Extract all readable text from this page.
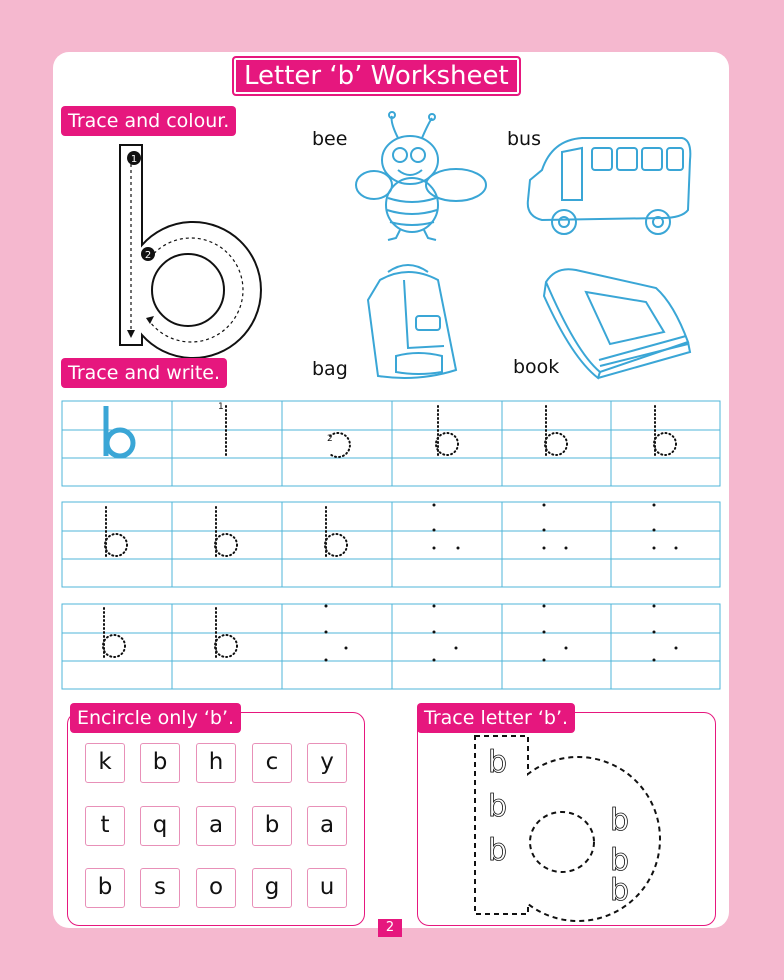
Letter ‘b’ Worksheet
Trace and colour.
1
2
bee	bus
bag	book
Trace and write.
1
2
Encircle only ‘b’.
k	b	h	c	y
t	q	a	b	a
b	s	o	g	u
Trace letter ‘b’.
b
b
b
b
b
b
2
